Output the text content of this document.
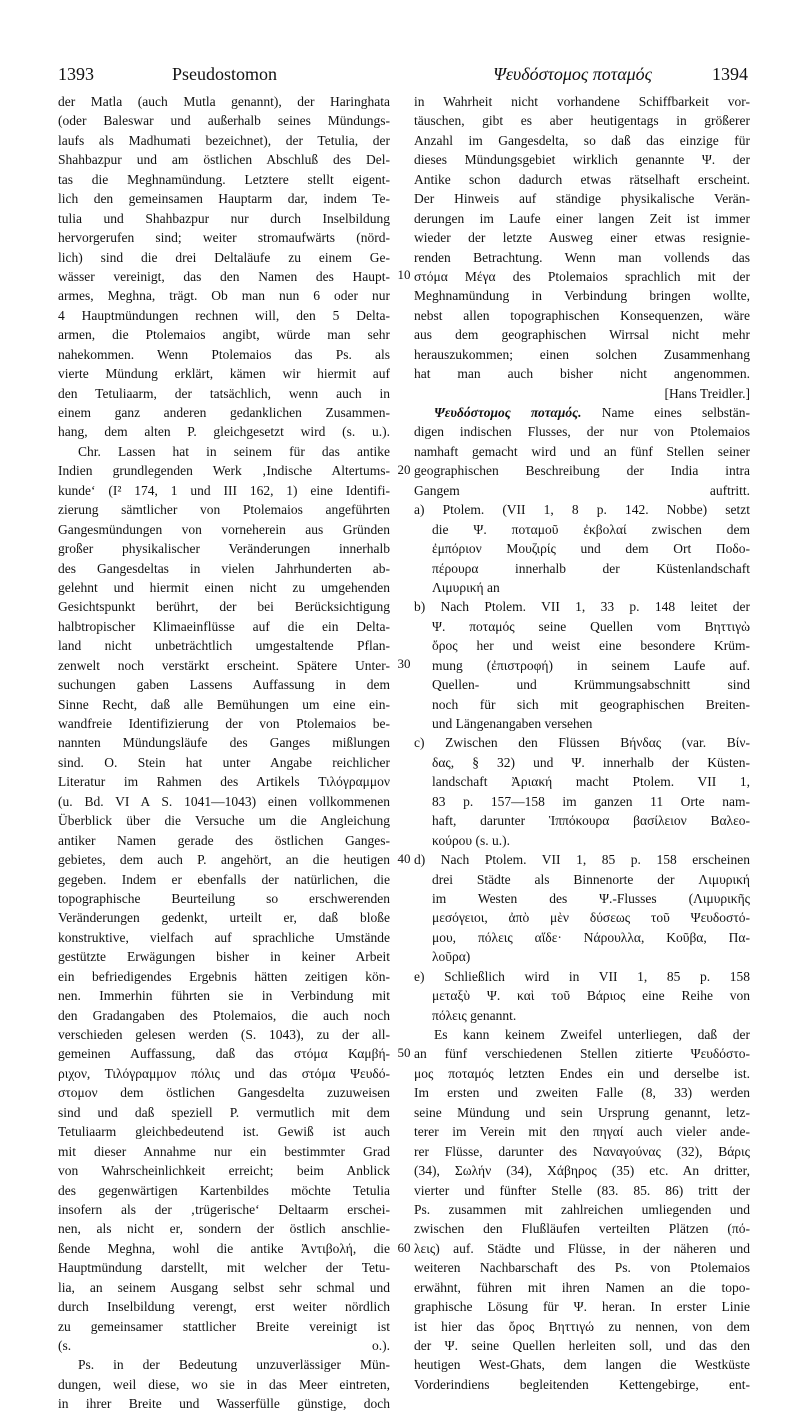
1393	Pseudostomon	Ψευδόστομος ποταμός	1394
der Matla (auch Mutla genannt), der Haringhata
(oder Baleswar und außerhalb seines Mündungs-
laufs als Madhumati bezeichnet), der Tetulia, der
Shahbazpur und am östlichen Abschluß des Del-
tas die Meghnamündung. Letztere stellt eigent-
lich den gemeinsamen Hauptarm dar, indem Te-
tulia und Shahbazpur nur durch Inselbildung
hervorgerufen sind; weiter stromaufwärts (nörd-
lich) sind die drei Deltaläufe zu einem Ge-
wässer vereinigt, das den Namen des Haupt-
armes, Meghna, trägt. Ob man nun 6 oder nur
4 Hauptmündungen rechnen will, den 5 Delta-
armen, die Ptolemaios angibt, würde man sehr
nahekommen. Wenn Ptolemaios das Ps. als
vierte Mündung erklärt, kämen wir hiermit auf
den Tetuliaarm, der tatsächlich, wenn auch in
einem ganz anderen gedanklichen Zusammen-
hang, dem alten P. gleichgesetzt wird (s. u.).
Chr. Lassen hat in seinem für das antike
Indien grundlegenden Werk ‚Indische Altertums-
kunde‘ (I² 174, 1 und III 162, 1) eine Identifi-
zierung sämtlicher von Ptolemaios angeführten
Gangesmündungen von vorneherein aus Gründen
großer physikalischer Veränderungen innerhalb
des Gangesdeltas in vielen Jahrhunderten ab-
gelehnt und hiermit einen nicht zu umgehenden
Gesichtspunkt berührt, der bei Berücksichtigung
halbtropischer Klimaeinflüsse auf die ein Delta-
land nicht unbeträchtlich umgestaltende Pflan-
zenwelt noch verstärkt erscheint. Spätere Unter-
suchungen gaben Lassens Auffassung in dem
Sinne Recht, daß alle Bemühungen um eine ein-
wandfreie Identifizierung der von Ptolemaios be-
nannten Mündungsläufe des Ganges mißlungen
sind. O. Stein hat unter Angabe reichlicher
Literatur im Rahmen des Artikels Τιλόγραμμον
(u. Bd. VI A S. 1041—1043) einen vollkommenen
Überblick über die Versuche um die Angleichung
antiker Namen gerade des östlichen Ganges-
gebietes, dem auch P. angehört, an die heutigen
gegeben. Indem er ebenfalls der natürlichen, die
topographische Beurteilung so erschwerenden
Veränderungen gedenkt, urteilt er, daß bloße
konstruktive, vielfach auf sprachliche Umstände
gestützte Erwägungen bisher in keiner Arbeit
ein befriedigendes Ergebnis hätten zeitigen kön-
nen. Immerhin führten sie in Verbindung mit
den Gradangaben des Ptolemaios, die auch noch
verschieden gelesen werden (S. 1043), zu der all-
gemeinen Auffassung, daß das στόμα Καμβή-
ριχον, Τιλόγραμμον πόλις und das στόμα Ψευδό-
στομον dem östlichen Gangesdelta zuzuweisen
sind und daß speziell P. vermutlich mit dem
Tetuliaarm gleichbedeutend ist. Gewiß ist auch
mit dieser Annahme nur ein bestimmter Grad
von Wahrscheinlichkeit erreicht; beim Anblick
des gegenwärtigen Kartenbildes möchte Tetulia
insofern als der ‚trügerische‘ Deltaarm erschei-
nen, als nicht er, sondern der östlich anschlie-
ßende Meghna, wohl die antike Ἀντιβολή, die
Hauptmündung darstellt, mit welcher der Tetu-
lia, an seinem Ausgang selbst sehr schmal und
durch Inselbildung verengt, erst weiter nördlich
zu gemeinsamer stattlicher Breite vereinigt ist
(s. o.).
Ps. in der Bedeutung unzuverlässiger Mün-
dungen, weil diese, wo sie in das Meer eintreten,
in ihrer Breite und Wasserfülle günstige, doch
in Wahrheit nicht vorhandene Schiffbarkeit vor-
täuschen, gibt es aber heutigentags in größerer
Anzahl im Gangesdelta, so daß das einzige für
dieses Mündungsgebiet wirklich genannte Ψ. der
Antike schon dadurch etwas rätselhaft erscheint.
Der Hinweis auf ständige physikalische Verän-
derungen im Laufe einer langen Zeit ist immer
wieder der letzte Ausweg einer etwas resignie-
renden Betrachtung. Wenn man vollends das
στόμα Μέγα des Ptolemaios sprachlich mit der
Meghnamündung in Verbindung bringen wollte,
nebst allen topographischen Konsequenzen, wäre
aus dem geographischen Wirrsal nicht mehr
herauszukommen; einen solchen Zusammenhang
hat man auch bisher nicht angenommen.
[Hans Treidler.]
Ψευδόστομος ποταμός. Name eines selbstän-
digen indischen Flusses, der nur von Ptolemaios
namhaft gemacht wird und an fünf Stellen seiner
geographischen Beschreibung der India intra
Gangem auftritt.
a) Ptolem. (VII 1, 8 p. 142. Nobbe) setzt
die Ψ. ποταμοῦ ἐκβολαί zwischen dem
ἐμπόριον Μουζιρίς und dem Ort Ποδο-
πέρουρα innerhalb der Küstenlandschaft
Λιμυρική an
b) Nach Ptolem. VII 1, 33 p. 148 leitet der
Ψ. ποταμός seine Quellen vom Βηττιγὼ
ὄρος her und weist eine besondere Krüm-
mung (ἐπιστροφή) in seinem Laufe auf.
Quellen- und Krümmungsabschnitt sind
noch für sich mit geographischen Breiten-
und Längenangaben versehen
c) Zwischen den Flüssen Βήνδας (var. Βίν-
δας, § 32) und Ψ. innerhalb der Küsten-
landschaft Ἀριακή macht Ptolem. VII 1,
83 p. 157—158 im ganzen 11 Orte nam-
haft, darunter Ἱππόκουρα βασίλειον Βαλεο-
κούρου (s. u.).
d) Nach Ptolem. VII 1, 85 p. 158 erscheinen
drei Städte als Binnenorte der Λιμυρική
im Westen des Ψ.-Flusses (Λιμυρικῆς
μεσόγειοι, ἀπὸ μὲν δύσεως τοῦ Ψευδοστό-
μου, πόλεις αἵδε· Νάρουλλα, Κοῦβα, Πα-
λοῦρα)
e) Schließlich wird in VII 1, 85 p. 158
μεταξὺ Ψ. καὶ τοῦ Βάριος eine Reihe von
πόλεις genannt.
Es kann keinem Zweifel unterliegen, daß der
an fünf verschiedenen Stellen zitierte Ψευδόστο-
μος ποταμός letzten Endes ein und derselbe ist.
Im ersten und zweiten Falle (8, 33) werden
seine Mündung und sein Ursprung genannt, letz-
terer im Verein mit den πηγαί auch vieler ande-
rer Flüsse, darunter des Ναναγούνας (32), Βάρις
(34), Σωλήν (34), Χάβηρος (35) etc. An dritter,
vierter und fünfter Stelle (83. 85. 86) tritt der
Ps. zusammen mit zahlreichen umliegenden und
zwischen den Flußläufen verteilten Plätzen (πό-
λεις) auf. Städte und Flüsse, in der näheren und
weiteren Nachbarschaft des Ps. von Ptolemaios
erwähnt, führen mit ihren Namen an die topo-
graphische Lösung für Ψ. heran. In erster Linie
ist hier das ὄρος Βηττιγώ zu nennen, von dem
der Ψ. seine Quellen herleiten soll, und das den
heutigen West-Ghats, dem langen die Westküste
Vorderindiens begleitenden Kettengebirge, ent-
10
20
30
40
50
60
